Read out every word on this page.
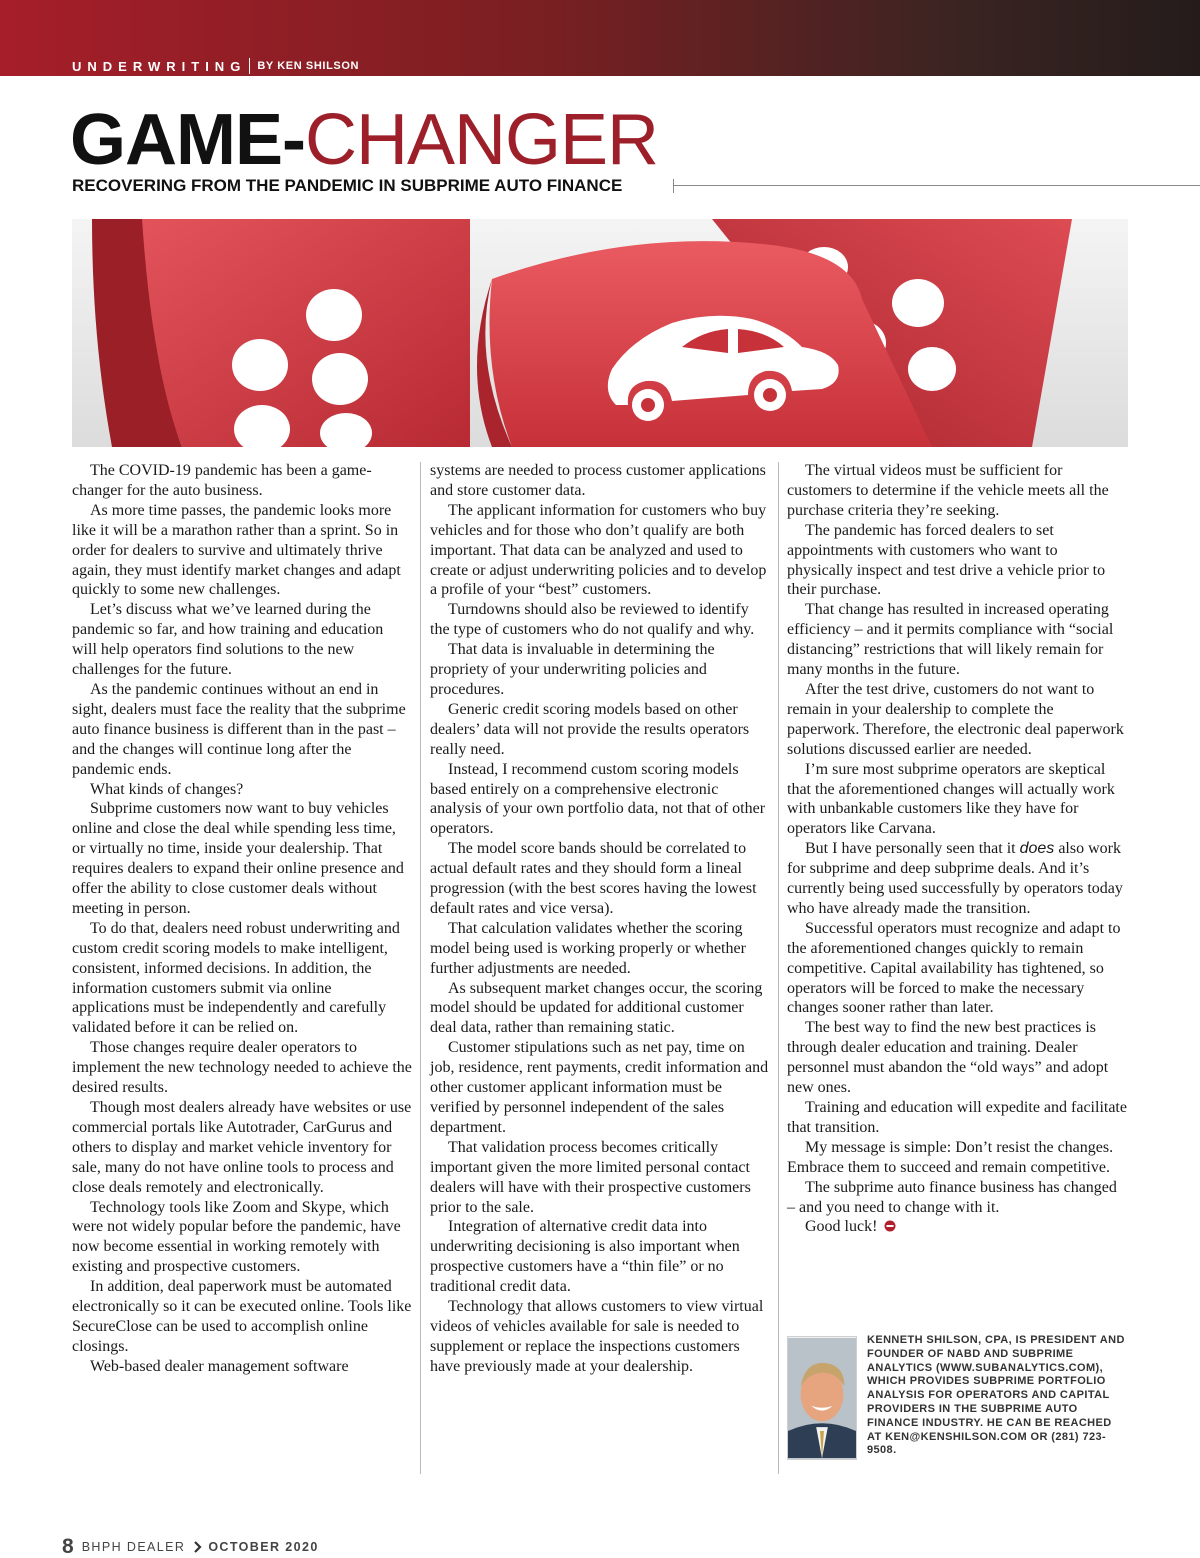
UNDERWRITING BY KEN SHILSON
GAME-CHANGER
RECOVERING FROM THE PANDEMIC IN SUBPRIME AUTO FINANCE

The COVID-19 pandemic has been a game-changer for the auto business.

As more time passes, the pandemic looks more like it will be a marathon rather than a sprint. So in order for dealers to survive and ultimately thrive again, they must identify market changes and adapt quickly to some new challenges.

Let’s discuss what we’ve learned during the pandemic so far, and how training and education will help operators find solutions to the new challenges for the future.

As the pandemic continues without an end in sight, dealers must face the reality that the subprime auto finance business is different than in the past – and the changes will continue long after the pandemic ends.

What kinds of changes?

Subprime customers now want to buy vehicles online and close the deal while spending less time, or virtually no time, inside your dealership. That requires dealers to expand their online presence and offer the ability to close customer deals without meeting in person.

To do that, dealers need robust underwriting and custom credit scoring models to make intelligent, consistent, informed decisions. In addition, the information customers submit via online applications must be independently and carefully validated before it can be relied on.

Those changes require dealer operators to implement the new technology needed to achieve the desired results.

Though most dealers already have websites or use commercial portals like Autotrader, CarGurus and others to display and market vehicle inventory for sale, many do not have online tools to process and close deals remotely and electronically.

Technology tools like Zoom and Skype, which were not widely popular before the pandemic, have now become essential in working remotely with existing and prospective customers.

In addition, deal paperwork must be automated electronically so it can be executed online. Tools like SecureClose can be used to accomplish online closings.

Web-based dealer management software

systems are needed to process customer applications and store customer data.

The applicant information for customers who buy vehicles and for those who don’t qualify are both important. That data can be analyzed and used to create or adjust underwriting policies and to develop a profile of your “best” customers.

Turndowns should also be reviewed to identify the type of customers who do not qualify and why.

That data is invaluable in determining the propriety of your underwriting policies and procedures.

Generic credit scoring models based on other dealers’ data will not provide the results operators really need.

Instead, I recommend custom scoring models based entirely on a comprehensive electronic analysis of your own portfolio data, not that of other operators.

The model score bands should be correlated to actual default rates and they should form a lineal progression (with the best scores having the lowest default rates and vice versa).

That calculation validates whether the scoring model being used is working properly or whether further adjustments are needed.

As subsequent market changes occur, the scoring model should be updated for additional customer deal data, rather than remaining static.

Customer stipulations such as net pay, time on job, residence, rent payments, credit information and other customer applicant information must be verified by personnel independent of the sales department.

That validation process becomes critically important given the more limited personal contact dealers will have with their prospective customers prior to the sale.

Integration of alternative credit data into underwriting decisioning is also important when prospective customers have a “thin file” or no traditional credit data.

Technology that allows customers to view virtual videos of vehicles available for sale is needed to supplement or replace the inspections customers have previously made at your dealership.

The virtual videos must be sufficient for customers to determine if the vehicle meets all the purchase criteria they’re seeking.

The pandemic has forced dealers to set appointments with customers who want to physically inspect and test drive a vehicle prior to their purchase.

That change has resulted in increased operating efficiency – and it permits compliance with “social distancing” restrictions that will likely remain for many months in the future.

After the test drive, customers do not want to remain in your dealership to complete the paperwork. Therefore, the electronic deal paperwork solutions discussed earlier are needed.

I’m sure most subprime operators are skeptical that the aforementioned changes will actually work with unbankable customers like they have for operators like Carvana.

But I have personally seen that it does also work for subprime and deep subprime deals. And it’s currently being used successfully by operators today who have already made the transition.

Successful operators must recognize and adapt to the aforementioned changes quickly to remain competitive. Capital availability has tightened, so operators will be forced to make the necessary changes sooner rather than later.

The best way to find the new best practices is through dealer education and training. Dealer personnel must abandon the “old ways” and adopt new ones.

Training and education will expedite and facilitate that transition.

My message is simple: Don’t resist the changes. Embrace them to succeed and remain competitive.

The subprime auto finance business has changed – and you need to change with it.

Good luck!

KENNETH SHILSON, CPA, IS PRESIDENT AND FOUNDER OF NABD AND SUBPRIME ANALYTICS (WWW.SUBANALYTICS.COM), WHICH PROVIDES SUBPRIME PORTFOLIO ANALYSIS FOR OPERATORS AND CAPITAL PROVIDERS IN THE SUBPRIME AUTO FINANCE INDUSTRY. HE CAN BE REACHED AT KEN@KENSHILSON.COM OR (281) 723-9508.
8 BHPH DEALER OCTOBER 2020
